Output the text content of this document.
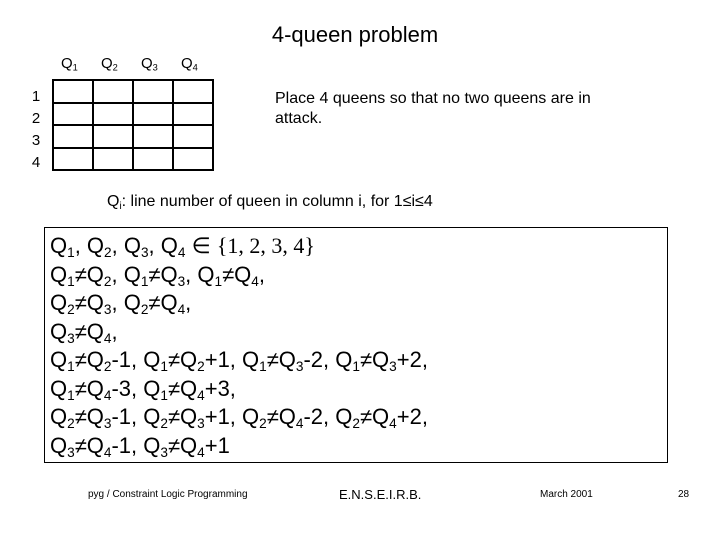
4-queen problem
$Q_1$ $Q_2$ $Q_3$ $Q_4$
1
2
3
4
Place 4 queens so that no two queens are in attack.
$Q_i$: line number of queen in column i, for 1≤i≤4
$Q_1$, $Q_2$, $Q_3$, $Q_4$ ∈ {1, 2, 3, 4}
$Q_1\ne Q_2$, $Q_1\ne Q_3$, $Q_1\ne Q_4$,
$Q_2\ne Q_3$, $Q_2\ne Q_4$,
$Q_3\ne Q_4$,
$Q_1\ne Q_2-1$, $Q_1\ne Q_2+1$, $Q_1\ne Q_3-2$, $Q_1\ne Q_3+2$,
$Q_1\ne Q_4-3$, $Q_1\ne Q_4+3$,
$Q_2\ne Q_3-1$, $Q_2\ne Q_3+1$, $Q_2\ne Q_4-2$, $Q_2\ne Q_4+2$,
$Q_3\ne Q_4-1$, $Q_3\ne Q_4+1$
pyg / Constraint Logic Programming	E.N.S.E.I.R.B.	March 2001	28
